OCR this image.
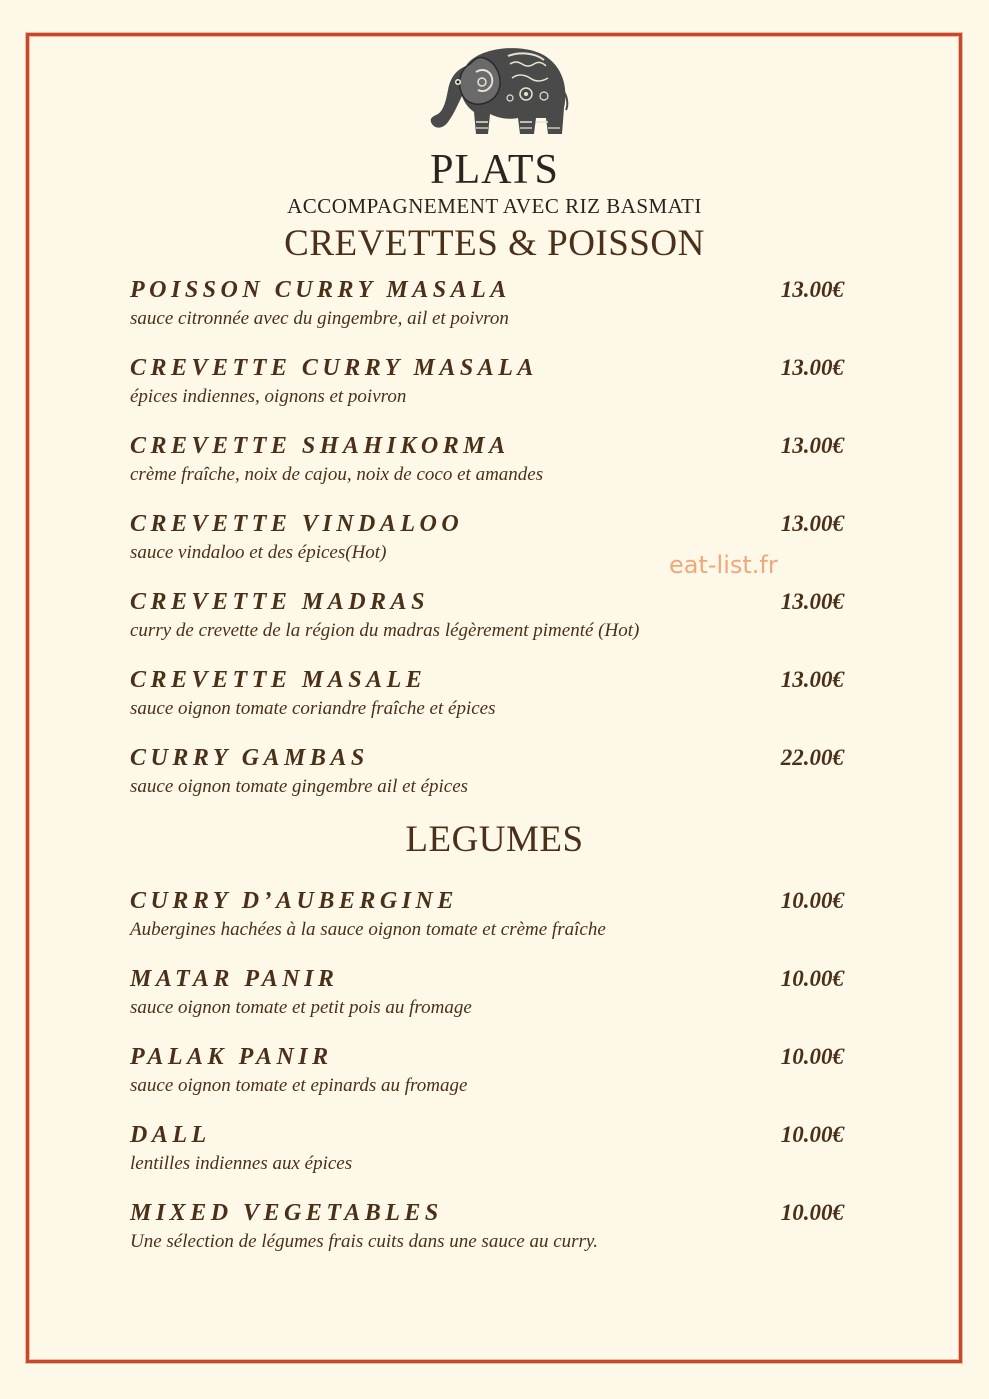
PLATS
ACCOMPAGNEMENT AVEC RIZ BASMATI
CREVETTES & POISSON
POISSON CURRY MASALA	13.00€
sauce citronnée avec du gingembre, ail et poivron
CREVETTE CURRY MASALA	13.00€
épices indiennes, oignons et poivron
CREVETTE SHAHIKORMA	13.00€
crème fraîche, noix de cajou, noix de coco et amandes
CREVETTE VINDALOO	13.00€
sauce vindaloo et des épices(Hot)
CREVETTE MADRAS	13.00€
curry de crevette de la région du madras légèrement pimenté (Hot)
CREVETTE MASALE	13.00€
sauce oignon tomate coriandre fraîche et épices
CURRY GAMBAS	22.00€
sauce oignon tomate gingembre ail et épices
LEGUMES
CURRY D’AUBERGINE	10.00€
Aubergines hachées à la sauce oignon tomate et crème fraîche
MATAR PANIR	10.00€
sauce oignon tomate et petit pois au fromage
PALAK PANIR	10.00€
sauce oignon tomate et epinards au fromage
DALL	10.00€
lentilles indiennes aux épices
MIXED VEGETABLES	10.00€
Une sélection de légumes frais cuits dans une sauce au curry.
eat-list.fr
